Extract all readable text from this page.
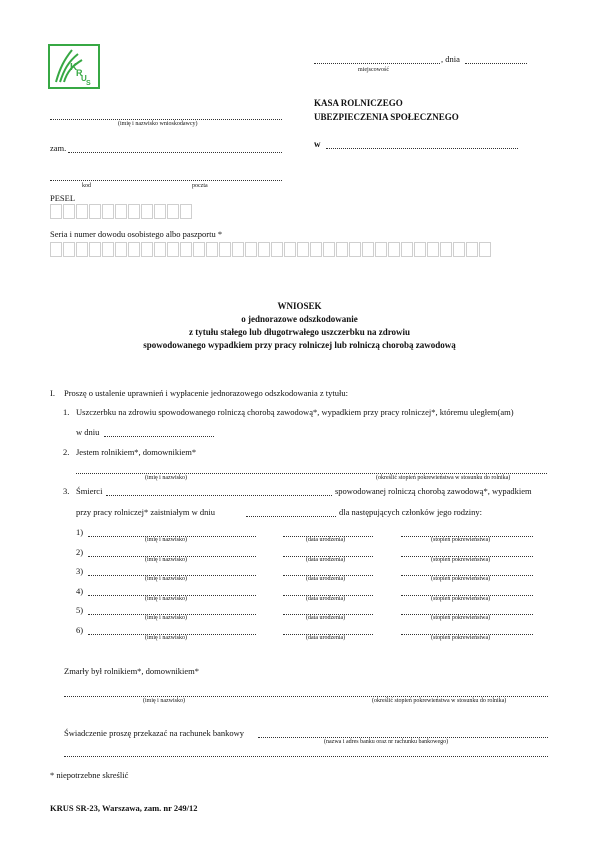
K
R
U
S
, dnia
miejscowość
KASA ROLNICZEGO
UBEZPIECZENIA SPOŁECZNEGO
w
(imię i nazwisko wnioskodawcy)
zam.
kod	poczta
PESEL
Seria i numer dowodu osobistego albo paszportu *
WNIOSEK
o jednorazowe odszkodowanie
z tytułu stałego lub długotrwałego uszczerbku na zdrowiu
spowodowanego wypadkiem przy pracy rolniczej lub rolniczą chorobą zawodową
I. Proszę o ustalenie uprawnień i wypłacenie jednorazowego odszkodowania z tytułu:
1. Uszczerbku na zdrowiu spowodowanego rolniczą chorobą zawodową*, wypadkiem przy pracy rolniczej*, któremu uległem(am)
w dniu
2. Jestem rolnikiem*, domownikiem*
(imię i nazwisko)	(określić stopień pokrewieństwa w stosunku do rolnika)
3. Śmierci	spowodowanej rolniczą chorobą zawodową*, wypadkiem
przy pracy rolniczej* zaistniałym w dniu	dla następujących członków jego rodziny:
1)
(imię i nazwisko)	(data urodzenia)	(stopień pokrewieństwa)
2)
(imię i nazwisko)	(data urodzenia)	(stopień pokrewieństwa)
3)
(imię i nazwisko)	(data urodzenia)	(stopień pokrewieństwa)
4)
(imię i nazwisko)	(data urodzenia)	(stopień pokrewieństwa)
5)
(imię i nazwisko)	(data urodzenia)	(stopień pokrewieństwa)
6)
(imię i nazwisko)	(data urodzenia)	(stopień pokrewieństwa)
Zmarły był rolnikiem*, domownikiem*
(imię i nazwisko)	(określić stopień pokrewieństwa w stosunku do rolnika)
Świadczenie proszę przekazać na rachunek bankowy
(nazwa i adres banku oraz nr rachunku bankowego)
* niepotrzebne skreślić
KRUS SR-23, Warszawa, zam. nr 249/12
